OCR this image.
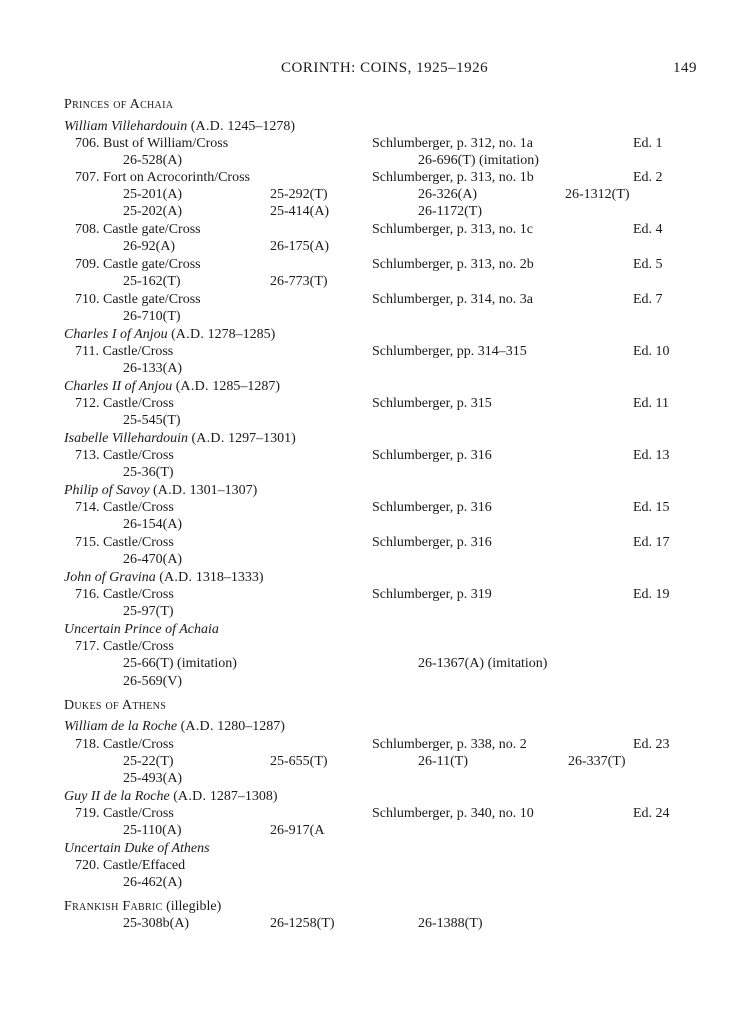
CORINTH: COINS, 1925–1926	149
Princes of Achaia
William Villehardouin (A.D. 1245–1278)
706. Bust of William/Cross	Schlumberger, p. 312, no. 1a	Ed. 1
26-528(A)	26-696(T) (imitation)
707. Fort on Acrocorinth/Cross	Schlumberger, p. 313, no. 1b	Ed. 2
25-201(A)	25-292(T)	26-326(A)	26-1312(T)
25-202(A)	25-414(A)	26-1172(T)
708. Castle gate/Cross	Schlumberger, p. 313, no. 1c	Ed. 4
26-92(A)	26-175(A)
709. Castle gate/Cross	Schlumberger, p. 313, no. 2b	Ed. 5
25-162(T)	26-773(T)
710. Castle gate/Cross	Schlumberger, p. 314, no. 3a	Ed. 7
26-710(T)
Charles I of Anjou (A.D. 1278–1285)
711. Castle/Cross	Schlumberger, pp. 314–315	Ed. 10
26-133(A)
Charles II of Anjou (A.D. 1285–1287)
712. Castle/Cross	Schlumberger, p. 315	Ed. 11
25-545(T)
Isabelle Villehardouin (A.D. 1297–1301)
713. Castle/Cross	Schlumberger, p. 316	Ed. 13
25-36(T)
Philip of Savoy (A.D. 1301–1307)
714. Castle/Cross	Schlumberger, p. 316	Ed. 15
26-154(A)
715. Castle/Cross	Schlumberger, p. 316	Ed. 17
26-470(A)
John of Gravina (A.D. 1318–1333)
716. Castle/Cross	Schlumberger, p. 319	Ed. 19
25-97(T)
Uncertain Prince of Achaia
717. Castle/Cross
25-66(T) (imitation)	26-1367(A) (imitation)
26-569(V)
Dukes of Athens
William de la Roche (A.D. 1280–1287)
718. Castle/Cross	Schlumberger, p. 338, no. 2	Ed. 23
25-22(T)	25-655(T)	26-11(T)	26-337(T)
25-493(A)
Guy II de la Roche (A.D. 1287–1308)
719. Castle/Cross	Schlumberger, p. 340, no. 10	Ed. 24
25-110(A)	26-917(A
Uncertain Duke of Athens
720. Castle/Effaced
26-462(A)
Frankish Fabric (illegible)
25-308b(A)	26-1258(T)	26-1388(T)
